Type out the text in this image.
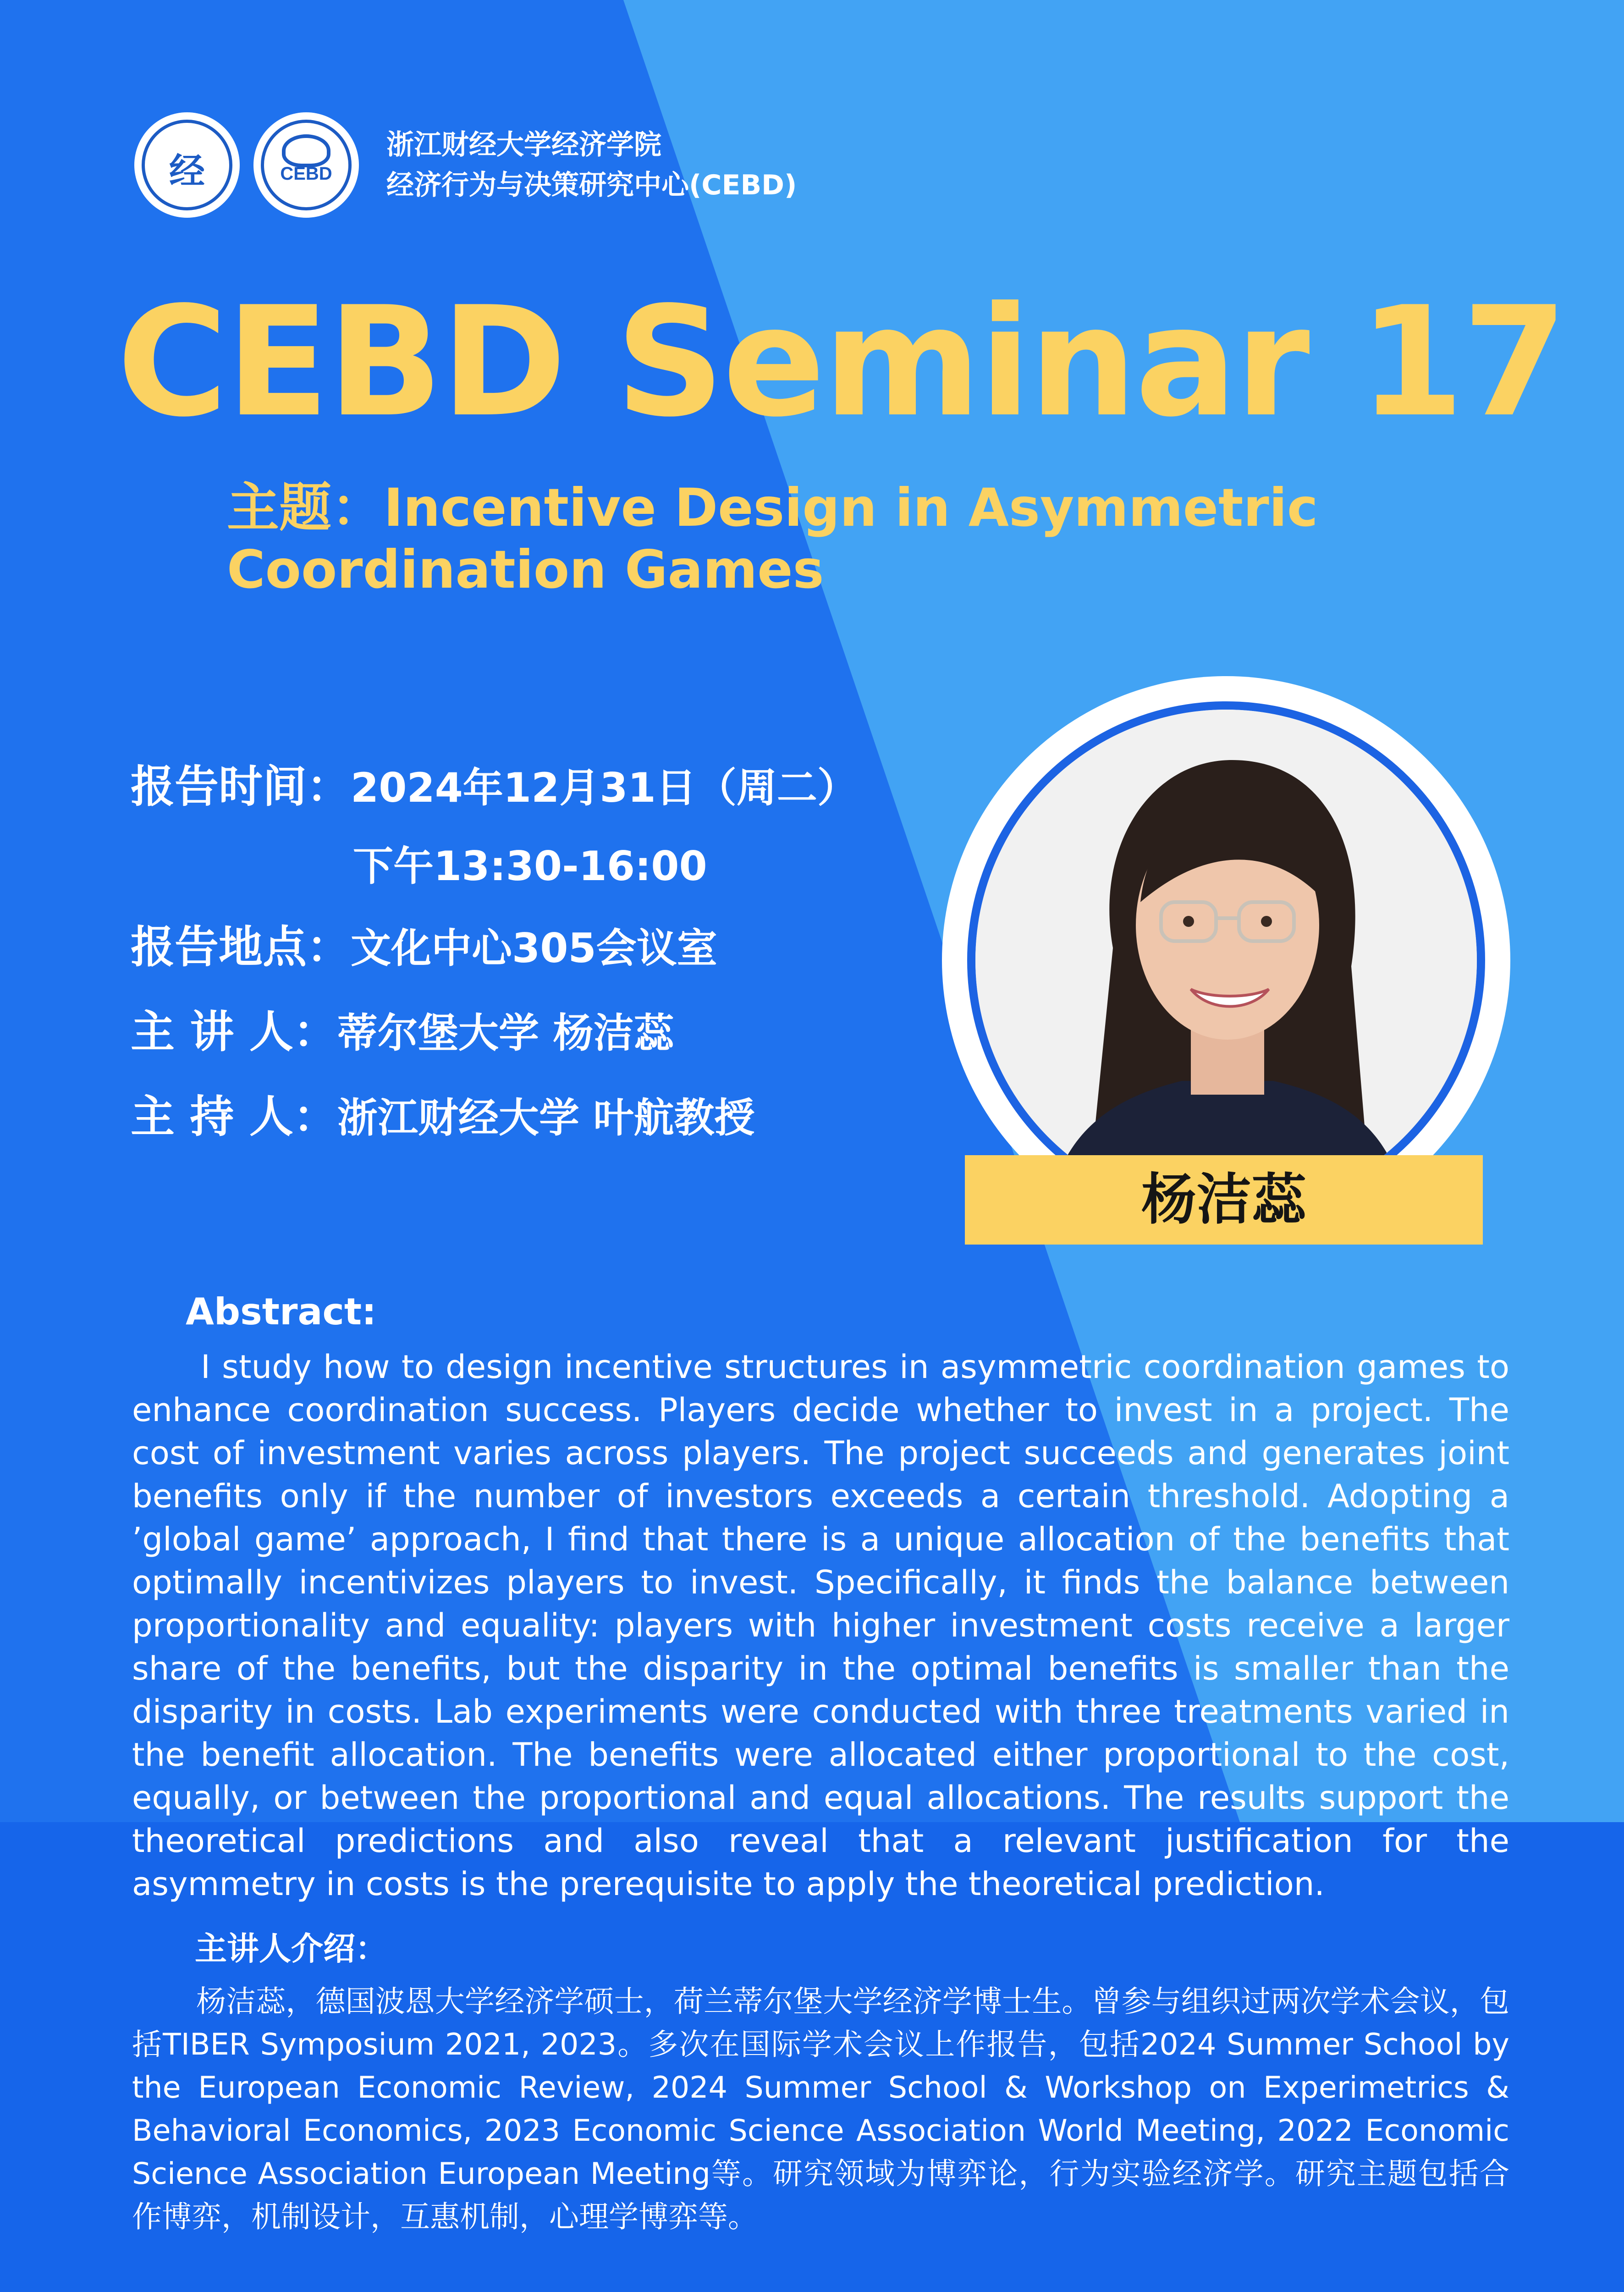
经	CEBD
浙江财经大学经济学院
经济行为与决策研究中心(CEBD)
CEBD Seminar 17
主题：Incentive Design in Asymmetric Coordination Games
报告时间：2024年12月31日（周二）
下午13:30-16:00
报告地点：文化中心305会议室
主 讲 人：蒂尔堡大学 杨洁蕊
主 持 人：浙江财经大学 叶航教授
杨洁蕊
Abstract:
I study how to design incentive structures in asymmetric coordination games to enhance coordination success. Players decide whether to invest in a project. The cost of investment varies across players. The project succeeds and generates joint benefits only if the number of investors exceeds a certain threshold. Adopting a ’global game’ approach, I find that there is a unique allocation of the benefits that optimally incentivizes players to invest. Specifically, it finds the balance between proportionality and equality: players with higher investment costs receive a larger share of the benefits, but the disparity in the optimal benefits is smaller than the disparity in costs. Lab experiments were conducted with three treatments varied in the benefit allocation. The benefits were allocated either proportional to the cost, equally, or between the proportional and equal allocations. The results support the theoretical predictions and also reveal that a relevant justification for the asymmetry in costs is the prerequisite to apply the theoretical prediction.
主讲人介绍：
杨洁蕊，德国波恩大学经济学硕士，荷兰蒂尔堡大学经济学博士生。曾参与组织过两次学术会议，包括TIBER Symposium 2021, 2023。多次在国际学术会议上作报告，包括2024 Summer School by the European Economic Review, 2024 Summer School & Workshop on Experimetrics & Behavioral Economics, 2023 Economic Science Association World Meeting, 2022 Economic Science Association European Meeting等。研究领域为博弈论，行为实验经济学。研究主题包括合作博弈，机制设计，互惠机制，心理学博弈等。
